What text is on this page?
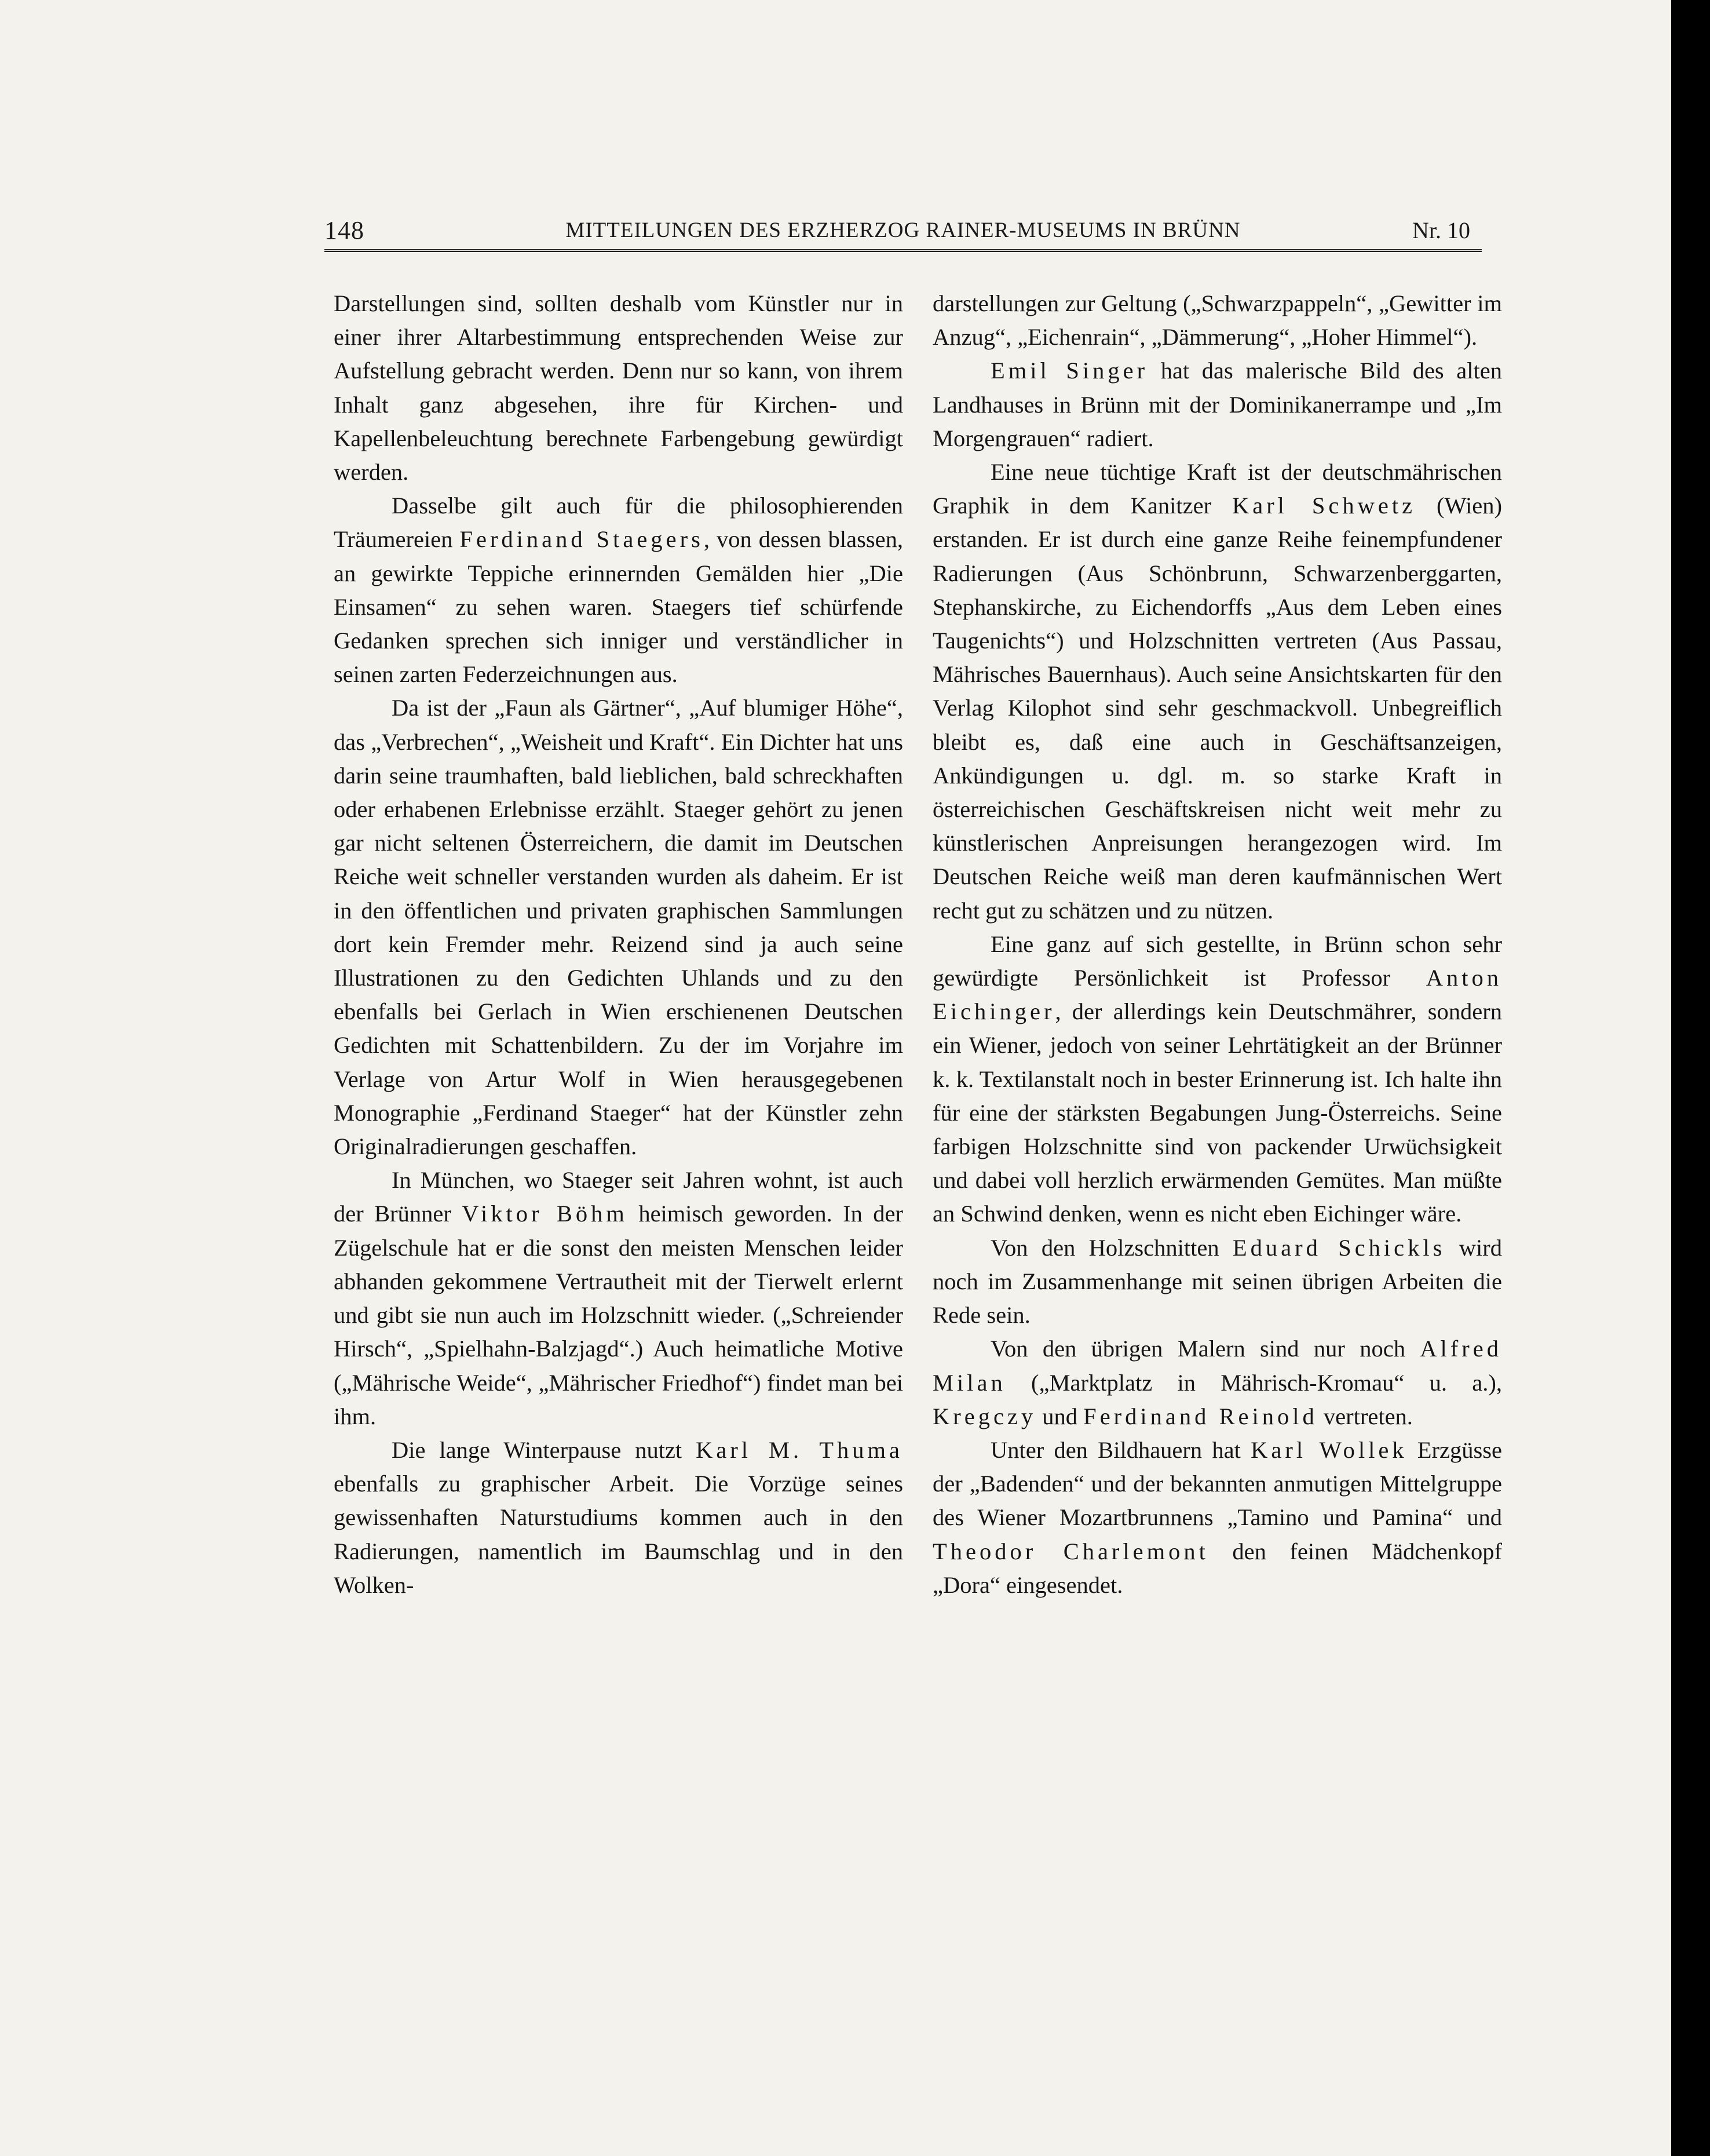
148	MITTEILUNGEN DES ERZHERZOG RAINER-MUSEUMS IN BRÜNN	Nr. 10

Darstellungen sind, sollten deshalb vom Künstler nur in einer ihrer Altarbestimmung entsprechenden Weise zur Aufstellung gebracht werden. Denn nur so kann, von ihrem Inhalt ganz abgesehen, ihre für Kirchen- und Kapellenbeleuchtung berechnete Farbengebung gewürdigt werden.

Dasselbe gilt auch für die philosophierenden Träumereien Ferdinand Staegers, von dessen blassen, an gewirkte Teppiche erinnernden Gemälden hier „Die Einsamen“ zu sehen waren. Staegers tief schürfende Gedanken sprechen sich inniger und verständlicher in seinen zarten Federzeichnungen aus.

Da ist der „Faun als Gärtner“, „Auf blumiger Höhe“, das „Verbrechen“, „Weisheit und Kraft“. Ein Dichter hat uns darin seine traumhaften, bald lieblichen, bald schreckhaften oder erhabenen Erlebnisse erzählt. Staeger gehört zu jenen gar nicht seltenen Österreichern, die damit im Deutschen Reiche weit schneller verstanden wurden als daheim. Er ist in den öffentlichen und privaten graphischen Sammlungen dort kein Fremder mehr. Reizend sind ja auch seine Illustrationen zu den Gedichten Uhlands und zu den ebenfalls bei Gerlach in Wien erschienenen Deutschen Gedichten mit Schattenbildern. Zu der im Vorjahre im Verlage von Artur Wolf in Wien herausgegebenen Monographie „Ferdinand Staeger“ hat der Künstler zehn Originalradierungen geschaffen.

In München, wo Staeger seit Jahren wohnt, ist auch der Brünner Viktor Böhm heimisch geworden. In der Zügelschule hat er die sonst den meisten Menschen leider abhanden gekommene Vertrautheit mit der Tierwelt erlernt und gibt sie nun auch im Holzschnitt wieder. („Schreiender Hirsch“, „Spielhahn-Balzjagd“.) Auch heimatliche Motive („Mährische Weide“, „Mährischer Friedhof“) findet man bei ihm.

Die lange Winterpause nutzt Karl M. Thuma ebenfalls zu graphischer Arbeit. Die Vorzüge seines gewissenhaften Naturstudiums kommen auch in den Radierungen, namentlich im Baumschlag und in den Wolken-

darstellungen zur Geltung („Schwarzpappeln“, „Gewitter im Anzug“, „Eichenrain“, „Dämmerung“, „Hoher Himmel“).

Emil Singer hat das malerische Bild des alten Landhauses in Brünn mit der Dominikanerrampe und „Im Morgengrauen“ radiert.

Eine neue tüchtige Kraft ist der deutschmährischen Graphik in dem Kanitzer Karl Schwetz (Wien) erstanden. Er ist durch eine ganze Reihe feinempfundener Radierungen (Aus Schönbrunn, Schwarzenberggarten, Stephanskirche, zu Eichendorffs „Aus dem Leben eines Taugenichts“) und Holzschnitten vertreten (Aus Passau, Mährisches Bauernhaus). Auch seine Ansichtskarten für den Verlag Kilophot sind sehr geschmackvoll. Unbegreiflich bleibt es, daß eine auch in Geschäftsanzeigen, Ankündigungen u. dgl. m. so starke Kraft in österreichischen Geschäftskreisen nicht weit mehr zu künstlerischen Anpreisungen herangezogen wird. Im Deutschen Reiche weiß man deren kaufmännischen Wert recht gut zu schätzen und zu nützen.

Eine ganz auf sich gestellte, in Brünn schon sehr gewürdigte Persönlichkeit ist Professor Anton Eichinger, der allerdings kein Deutschmährer, sondern ein Wiener, jedoch von seiner Lehrtätigkeit an der Brünner k. k. Textilanstalt noch in bester Erinnerung ist. Ich halte ihn für eine der stärksten Begabungen Jung-Österreichs. Seine farbigen Holzschnitte sind von packender Urwüchsigkeit und dabei voll herzlich erwärmenden Gemütes. Man müßte an Schwind denken, wenn es nicht eben Eichinger wäre.

Von den Holzschnitten Eduard Schickls wird noch im Zusammenhange mit seinen übrigen Arbeiten die Rede sein.

Von den übrigen Malern sind nur noch Alfred Milan („Marktplatz in Mährisch-Kromau“ u. a.), Kregczy und Ferdinand Reinold vertreten.

Unter den Bildhauern hat Karl Wollek Erzgüsse der „Badenden“ und der bekannten anmutigen Mittelgruppe des Wiener Mozartbrunnens „Tamino und Pamina“ und Theodor Charlemont den feinen Mädchenkopf „Dora“ eingesendet.
